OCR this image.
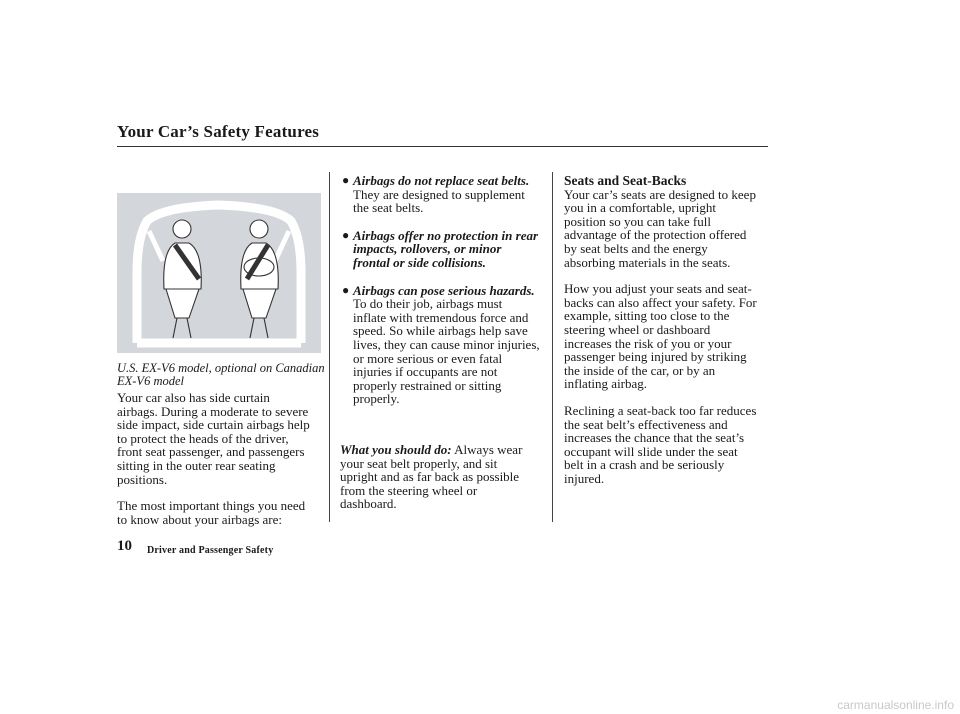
Your Car’s Safety Features

U.S. EX-V6 model, optional on Canadian
EX-V6 model

Your car also has side curtain
airbags. During a moderate to severe
side impact, side curtain airbags help
to protect the heads of the driver,
front seat passenger, and passengers
sitting in the outer rear seating
positions.

The most important things you need
to know about your airbags are:

● Airbags do not replace seat belts.

They are designed to supplement
the seat belts.

● Airbags offer no protection in rear
impacts, rollovers, or minor
frontal or side collisions.

● Airbags can pose serious hazards.

To do their job, airbags must
inflate with tremendous force and
speed. So while airbags help save
lives, they can cause minor injuries,
or more serious or even fatal
injuries if occupants are not
properly restrained or sitting
properly.

What you should do: Always wear
your seat belt properly, and sit
upright and as far back as possible
from the steering wheel or
dashboard.

Seats and Seat-Backs

Your car’s seats are designed to keep
you in a comfortable, upright
position so you can take full
advantage of the protection offered
by seat belts and the energy
absorbing materials in the seats.

How you adjust your seats and seat-
backs can also affect your safety. For
example, sitting too close to the
steering wheel or dashboard
increases the risk of you or your
passenger being injured by striking
the inside of the car, or by an
inflating airbag.

Reclining a seat-back too far reduces
the seat belt’s effectiveness and
increases the chance that the seat’s
occupant will slide under the seat
belt in a crash and be seriously
injured.

10 Driver and Passenger Safety
carmanualsonline.info
